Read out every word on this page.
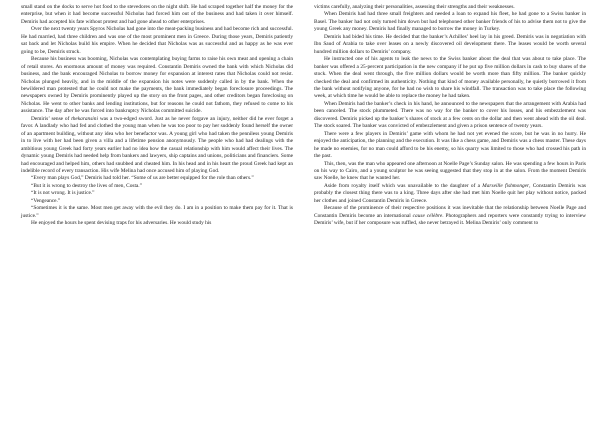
small stand on the docks to serve hot food to the stevedores on the night shift. He had scraped together half the money for the enterprise, but when it had become successful Nicholas had forced him out of the business and had taken it over himself. Demiris had accepted his fate without protest and had gone ahead to other enterprises.

Over the next twenty years Spyros Nicholas had gone into the meat-packing business and had become rich and successful. He had married, had three children and was one of the most prominent men in Greece. During those years, Demiris patiently sat back and let Nicholas build his empire. When he decided that Nicholas was as successful and as happy as he was ever going to be, Demiris struck.

Because his business was booming, Nicholas was contemplating buying farms to raise his own meat and opening a chain of retail stores. An enormous amount of money was required. Constantin Demiris owned the bank with which Nicholas did business, and the bank encouraged Nicholas to borrow money for expansion at interest rates that Nicholas could not resist. Nicholas plunged heavily, and in the middle of the expansion his notes were suddenly called in by the bank. When the bewildered man protested that he could not make the payments, the bank immediately began foreclosure proceedings. The newspapers owned by Demiris prominently played up the story on the front pages, and other creditors began foreclosing on Nicholas. He went to other banks and lending institutions, but for reasons he could not fathom, they refused to come to his assistance. The day after he was forced into bankruptcy Nicholas committed suicide.

Demiris’ sense of thekaransini was a two-edged sword. Just as he never forgave an injury, neither did he ever forget a favor. A landlady who had fed and clothed the young man when he was too poor to pay her suddenly found herself the owner of an apartment building, without any idea who her benefactor was. A young girl who had taken the penniless young Demiris in to live with her had been given a villa and a lifetime pension anonymously. The people who had had dealings with the ambitious young Greek had forty years earlier had no idea how the casual relationship with him would affect their lives. The dynamic young Demiris had needed help from bankers and lawyers, ship captains and unions, politicians and financiers. Some had encouraged and helped him, others had snubbed and cheated him. In his head and in his heart the proud Greek had kept an indelible record of every transaction. His wife Melina had once accused him of playing God.

“Every man plays God,” Demiris had told her. “Some of us are better equipped for the role than others.”

“But it is wrong to destroy the lives of men, Costa.”

“It is not wrong. It is justice.”

“Vengeance.”

“Sometimes it is the same. Most men get away with the evil they do. I am in a position to make them pay for it. That is justice.”

He enjoyed the hours he spent devising traps for his adversaries. He would study his

victims carefully, analyzing their personalities, assessing their strengths and their weaknesses.

When Demiris had had three small freighters and needed a loan to expand his fleet, he had gone to a Swiss banker in Basel. The banker had not only turned him down but had telephoned other banker friends of his to advise them not to give the young Greek any money. Demiris had finally managed to borrow the money in Turkey.

Demiris had bided his time. He decided that the banker’s Achilles’ heel lay in his greed. Demiris was in negotiation with Ibn Saud of Arabia to take over leases on a newly discovered oil development there. The leases would be worth several hundred million dollars to Demiris’ company.

He instructed one of his agents to leak the news to the Swiss banker about the deal that was about to take place. The banker was offered a 25-percent participation in the new company if he put up five million dollars in cash to buy shares of the stock. When the deal went through, the five million dollars would be worth more than fifty million. The banker quickly checked the deal and confirmed its authenticity. Nothing that kind of money available personally, he quietly borrowed it from the bank without notifying anyone, for he had no wish to share his windfall. The transaction was to take place the following week, at which time he would be able to replace the money he had taken.

When Demiris had the banker’s check in his hand, he announced to the newspapers that the arrangement with Arabia had been canceled. The stock plummeted. There was no way for the banker to cover his losses, and his embezzlement was discovered. Demiris picked up the banker’s shares of stock at a few cents on the dollar and then went ahead with the oil deal. The stock soared. The banker was convicted of embezzlement and given a prison sentence of twenty years.

There were a few players in Demiris’ game with whom he had not yet evened the score, but he was in no hurry. He enjoyed the anticipation, the planning and the execution. It was like a chess game, and Demiris was a chess master. These days he made no enemies, for no man could afford to be his enemy, so his quarry was limited to those who had crossed his path in the past.

This, then, was the man who appeared one afternoon at Noelle Page’s Sunday salon. He was spending a few hours in Paris on his way to Cairo, and a young sculptor he was seeing suggested that they stop in at the salon. From the moment Demiris saw Noelle, he knew that he wanted her.

Aside from royalty itself which was unavailable to the daughter of a Marseille fishmonger, Constantin Demiris was probably the closest thing there was to a king. Three days after she had met him Noelle quit her play without notice, packed her clothes and joined Constantin Demiris in Greece.

Because of the prominence of their respective positions it was inevitable that the relationship between Noelle Page and Constantin Demiris become an international cause célèbre. Photographers and reporters were constantly trying to interview Demiris’ wife, but if her composure was ruffled, she never betrayed it. Melina Demiris’ only comment to
